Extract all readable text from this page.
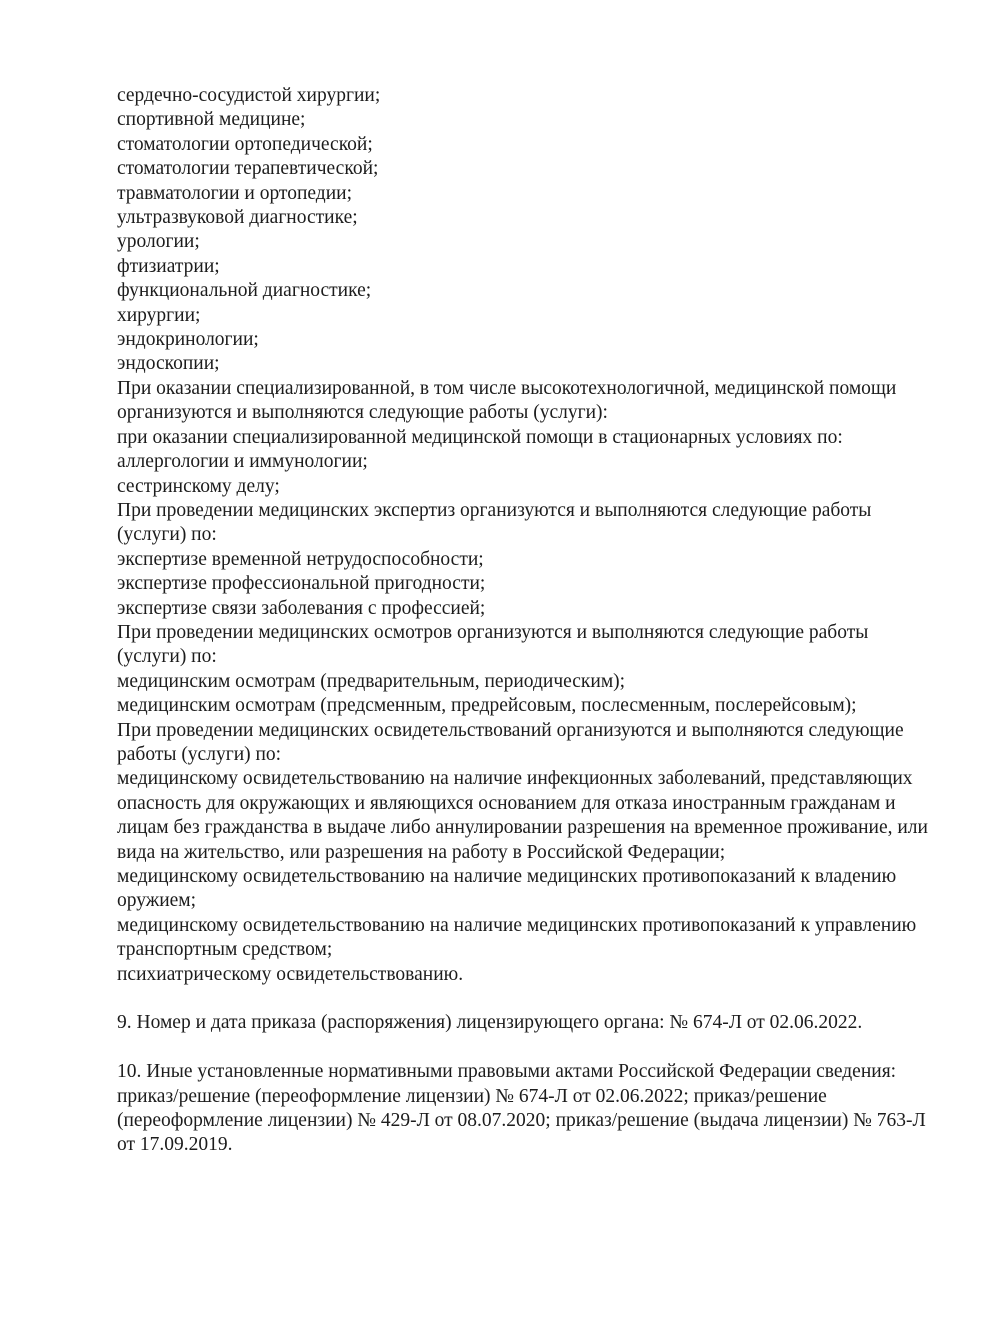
сердечно-сосудистой хирургии;

спортивной медицине;

стоматологии ортопедической;

стоматологии терапевтической;

травматологии и ортопедии;

ультразвуковой диагностике;

урологии;

фтизиатрии;

функциональной диагностике;

хирургии;

эндокринологии;

эндоскопии;

При оказании специализированной, в том числе высокотехнологичной, медицинской помощи организуются и выполняются следующие работы (услуги):

при оказании специализированной медицинской помощи в стационарных условиях по:

аллергологии и иммунологии;

сестринскому делу;

При проведении медицинских экспертиз организуются и выполняются следующие работы (услуги) по:

экспертизе временной нетрудоспособности;

экспертизе профессиональной пригодности;

экспертизе связи заболевания с профессией;

При проведении медицинских осмотров организуются и выполняются следующие работы (услуги) по:

медицинским осмотрам (предварительным, периодическим);

медицинским осмотрам (предсменным, предрейсовым, послесменным, послерейсовым);

При проведении медицинских освидетельствований организуются и выполняются следующие работы (услуги) по:

медицинскому освидетельствованию на наличие инфекционных заболеваний, представляющих опасность для окружающих и являющихся основанием для отказа иностранным гражданам и лицам без гражданства в выдаче либо аннулировании разрешения на временное проживание, или вида на жительство, или разрешения на работу в Российской Федерации;

медицинскому освидетельствованию на наличие медицинских противопоказаний к владению оружием;

медицинскому освидетельствованию на наличие медицинских противопоказаний к управлению транспортным средством;

психиатрическому освидетельствованию.

9. Номер и дата приказа (распоряжения) лицензирующего органа: № 674-Л от 02.06.2022.

10. Иные установленные нормативными правовыми актами Российской Федерации сведения: приказ/решение (переоформление лицензии) № 674-Л от 02.06.2022; приказ/решение (переоформление лицензии) № 429-Л от 08.07.2020; приказ/решение (выдача лицензии) № 763-Л от 17.09.2019.
